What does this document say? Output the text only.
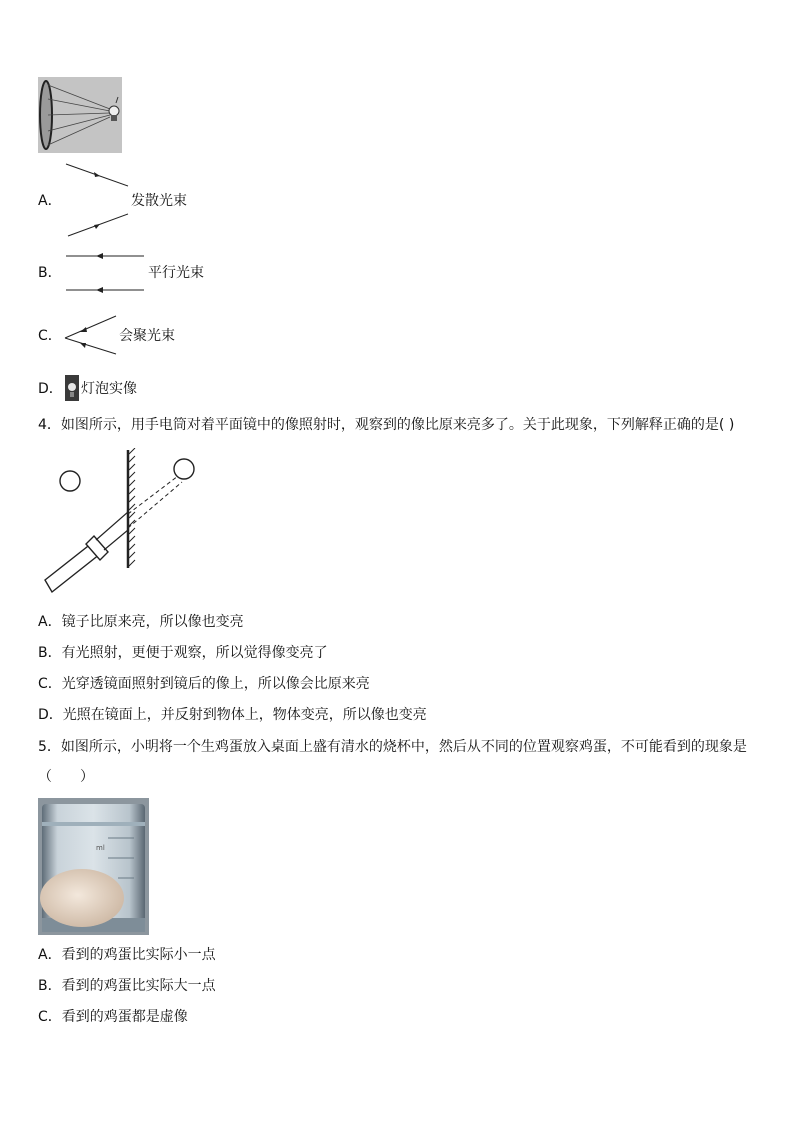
A．	发散光束
B．	平行光束
C．	会聚光束
D． 灯泡实像
4．如图所示，用手电筒对着平面镜中的像照射时，观察到的像比原来亮多了。关于此现象，下列解释正确的是( )
A．镜子比原来亮，所以像也变亮
B．有光照射，更便于观察，所以觉得像变亮了
C．光穿透镜面照射到镜后的像上，所以像会比原来亮
D．光照在镜面上，并反射到物体上，物体变亮，所以像也变亮
5．如图所示，小明将一个生鸡蛋放入桌面上盛有清水的烧杯中，然后从不同的位置观察鸡蛋，不可能看到的现象是
（　　）
ml
A．看到的鸡蛋比实际小一点
B．看到的鸡蛋比实际大一点
C．看到的鸡蛋都是虚像
